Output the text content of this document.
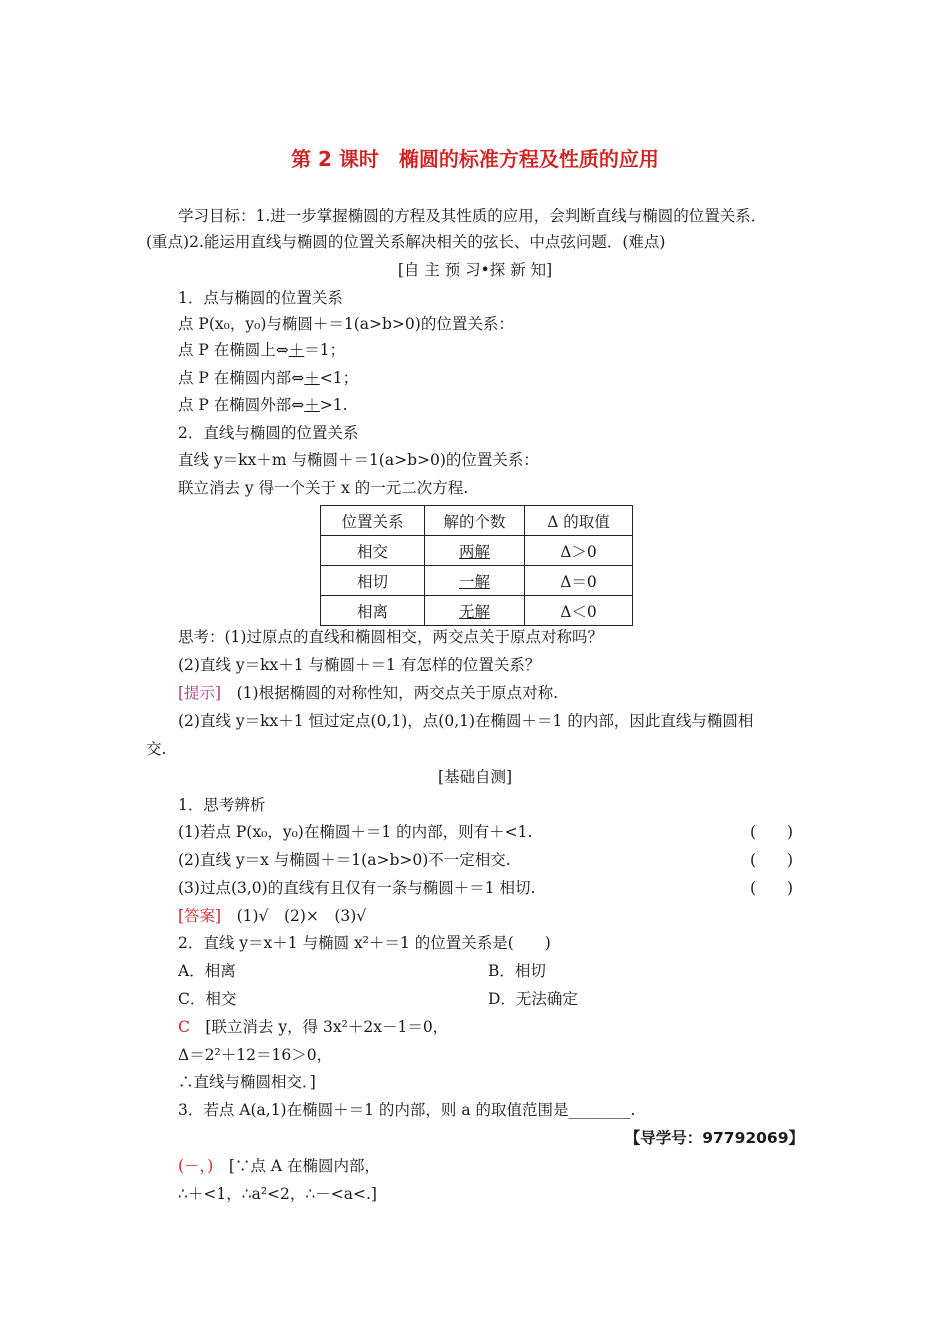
第 2 课时　椭圆的标准方程及性质的应用
学习目标：1.进一步掌握椭圆的方程及其性质的应用，会判断直线与椭圆的位置关系．
(重点)2.能运用直线与椭圆的位置关系解决相关的弦长、中点弦问题．(难点)
[自 主 预 习•探 新 知]
1．点与椭圆的位置关系
点 P(x₀，y₀)与椭圆＋＝1(a>b>0)的位置关系：
点 P 在椭圆上⇔＋＝1；
点 P 在椭圆内部⇔＋<1；
点 P 在椭圆外部⇔＋>1.
2．直线与椭圆的位置关系
直线 y＝kx＋m 与椭圆＋＝1(a>b>0)的位置关系：
联立消去 y 得一个关于 x 的一元二次方程.
位置关系	解的个数	Δ 的取值
相交	两解	Δ＞0
相切	一解	Δ＝0
相离	无解	Δ＜0
思考：(1)过原点的直线和椭圆相交，两交点关于原点对称吗？
(2)直线 y＝kx＋1 与椭圆＋＝1 有怎样的位置关系？
[提示]　(1)根据椭圆的对称性知，两交点关于原点对称.
(2)直线 y＝kx＋1 恒过定点(0,1)，点(0,1)在椭圆＋＝1 的内部，因此直线与椭圆相
交.
[基础自测]
1．思考辨析
(1)若点 P(x₀，y₀)在椭圆＋＝1 的内部，则有＋<1.	(　　)
(2)直线 y＝x 与椭圆＋＝1(a>b>0)不一定相交.	(　　)
(3)过点(3,0)的直线有且仅有一条与椭圆＋＝1 相切.	(　　)
[答案]　(1)√　(2)×　(3)√
2．直线 y＝x＋1 与椭圆 x²＋＝1 的位置关系是(　　)
A．相离	B．相切
C．相交	D．无法确定
C　[联立消去 y，得 3x²＋2x－1＝0，
Δ＝2²＋12＝16＞0，
∴直线与椭圆相交．]
3．若点 A(a,1)在椭圆＋＝1 的内部，则 a 的取值范围是________.
【导学号：97792069】
(－，)　[∵点 A 在椭圆内部，
∴＋<1，∴a²<2，∴－<a<.]
